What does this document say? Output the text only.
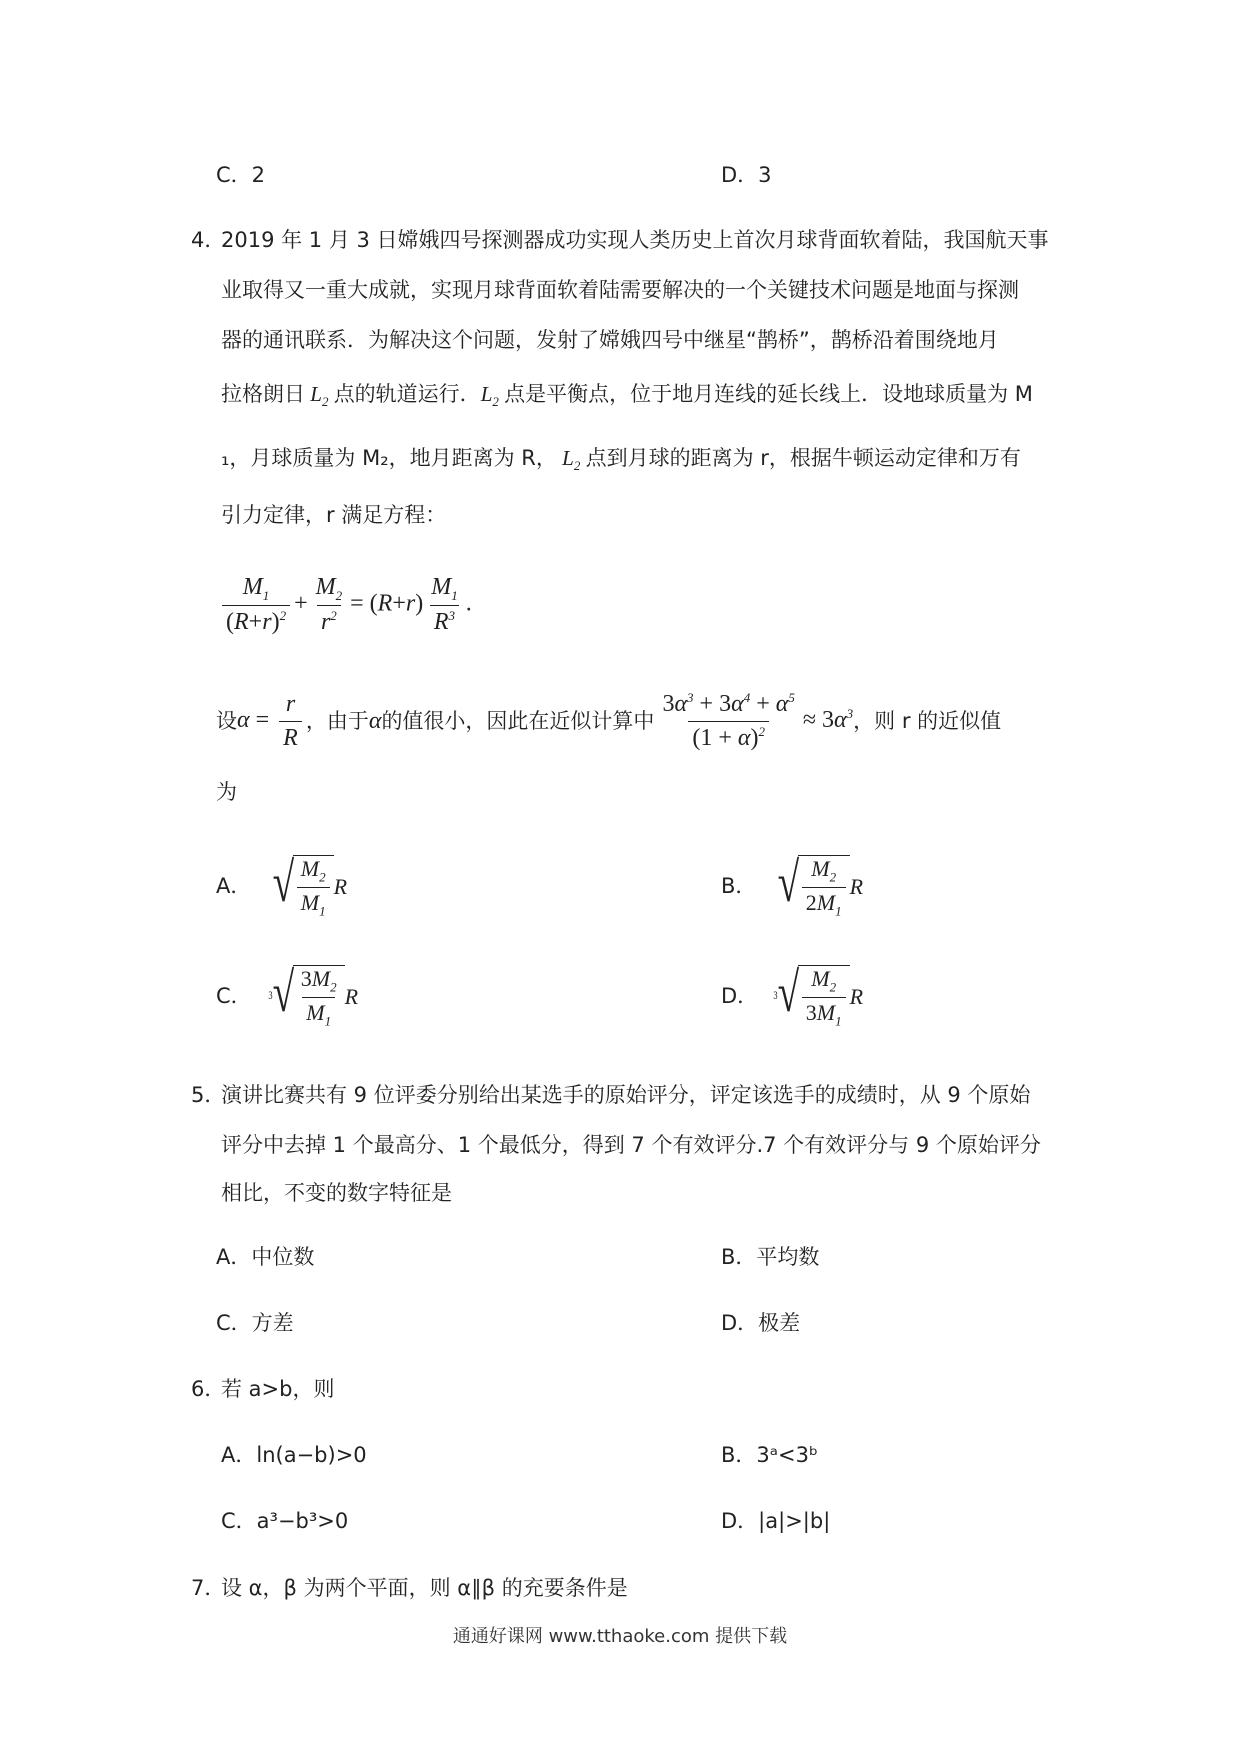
C．2	D．3
4．
2019 年 1 月 3 日嫦娥四号探测器成功实现人类历史上首次月球背面软着陆，我国航天事
业取得又一重大成就，实现月球背面软着陆需要解决的一个关键技术问题是地面与探测
器的通讯联系．为解决这个问题，发射了嫦娥四号中继星“鹊桥”，鹊桥沿着围绕地月
拉格朗日 $L_2$ 点的轨道运行．$L_2$ 点是平衡点，位于地月连线的延长线上．设地球质量为 M
₁，月球质量为 M₂，地月距离为 R， $L_2$ 点到月球的距离为 r，根据牛顿运动定律和万有
引力定律，r 满足方程：
$\frac{M_1}{(R+r)^2} + \frac{M_2}{r^2} = (R+r) \frac{M_1}{R^3}$ .
设 $\alpha = \frac{r}{R}$ ，由于 α 的值很小，因此在近似计算中 $\frac{3\alpha^3 + 3\alpha^4 + \alpha^5}{(1 + \alpha)^2} \approx 3\alpha^3$ ，则 r 的近似值
为
A． √ $\frac{M_2}{M_1}$ R	B． √ $\frac{M_2}{2M_1}$ R
C．	3 √ $\frac{3M_2}{M_1}$ R	D．	3 √ $\frac{M_2}{3M_1}$ R
5．
演讲比赛共有 9 位评委分别给出某选手的原始评分，评定该选手的成绩时，从 9 个原始
评分中去掉 1 个最高分、1 个最低分，得到 7 个有效评分.7 个有效评分与 9 个原始评分
相比，不变的数字特征是
A．中位数	B．平均数
C．方差	D．极差
6．
若 a>b，则
A．ln(a−b)>0	B．3ᵃ<3ᵇ
C．a³−b³>0	D．|a|>|b|
7．
设 α，β 为两个平面，则 α∥β 的充要条件是
通通好课网 www.tthaoke.com 提供下载
